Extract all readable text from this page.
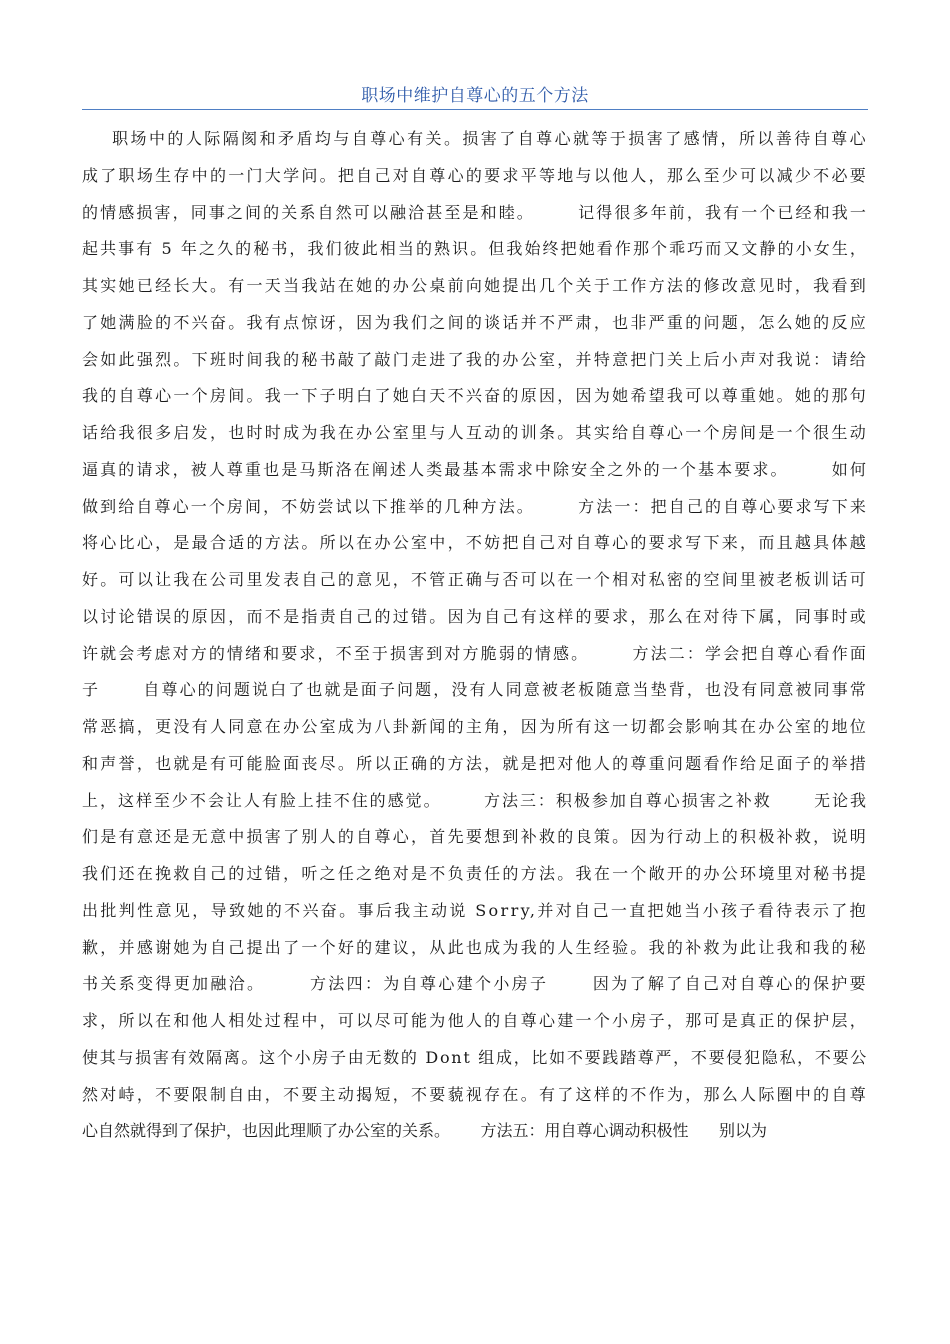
职场中维护自尊心的五个方法
职场中的人际隔阂和矛盾均与自尊心有关。损害了自尊心就等于损害了感情，所以善待自尊心
成了职场生存中的一门大学问。把自己对自尊心的要求平等地与以他人，那么至少可以减少不必要
的情感损害，同事之间的关系自然可以融洽甚至是和睦。      记得很多年前，我有一个已经和我一
起共事有 5 年之久的秘书，我们彼此相当的熟识。但我始终把她看作那个乖巧而又文静的小女生，
其实她已经长大。有一天当我站在她的办公桌前向她提出几个关于工作方法的修改意见时，我看到
了她满脸的不兴奋。我有点惊讶，因为我们之间的谈话并不严肃，也非严重的问题，怎么她的反应
会如此强烈。下班时间我的秘书敲了敲门走进了我的办公室，并特意把门关上后小声对我说：请给
我的自尊心一个房间。我一下子明白了她白天不兴奋的原因，因为她希望我可以尊重她。她的那句
话给我很多启发，也时时成为我在办公室里与人互动的训条。其实给自尊心一个房间是一个很生动
逼真的请求，被人尊重也是马斯洛在阐述人类最基本需求中除安全之外的一个基本要求。      如何
做到给自尊心一个房间，不妨尝试以下推举的几种方法。      方法一：把自己的自尊心要求写下来
将心比心，是最合适的方法。所以在办公室中，不妨把自己对自尊心的要求写下来，而且越具体越
好。可以让我在公司里发表自己的意见，不管正确与否可以在一个相对私密的空间里被老板训话可
以讨论错误的原因，而不是指责自己的过错。因为自己有这样的要求，那么在对待下属，同事时或
许就会考虑对方的情绪和要求，不至于损害到对方脆弱的情感。      方法二：学会把自尊心看作面
子      自尊心的问题说白了也就是面子问题，没有人同意被老板随意当垫背，也没有同意被同事常
常恶搞，更没有人同意在办公室成为八卦新闻的主角，因为所有这一切都会影响其在办公室的地位
和声誉，也就是有可能脸面丧尽。所以正确的方法，就是把对他人的尊重问题看作给足面子的举措
上，这样至少不会让人有脸上挂不住的感觉。      方法三：积极参加自尊心损害之补救      无论我
们是有意还是无意中损害了别人的自尊心，首先要想到补救的良策。因为行动上的积极补救，说明
我们还在挽救自己的过错，听之任之绝对是不负责任的方法。我在一个敞开的办公环境里对秘书提
出批判性意见，导致她的不兴奋。事后我主动说 Sorry,并对自己一直把她当小孩子看待表示了抱
歉，并感谢她为自己提出了一个好的建议，从此也成为我的人生经验。我的补救为此让我和我的秘
书关系变得更加融洽。      方法四：为自尊心建个小房子      因为了解了自己对自尊心的保护要
求，所以在和他人相处过程中，可以尽可能为他人的自尊心建一个小房子，那可是真正的保护层，
使其与损害有效隔离。这个小房子由无数的 Dont 组成，比如不要践踏尊严，不要侵犯隐私，不要公
然对峙，不要限制自由，不要主动揭短，不要藐视存在。有了这样的不作为，那么人际圈中的自尊
心自然就得到了保护，也因此理顺了办公室的关系。      方法五：用自尊心调动积极性      别以为
